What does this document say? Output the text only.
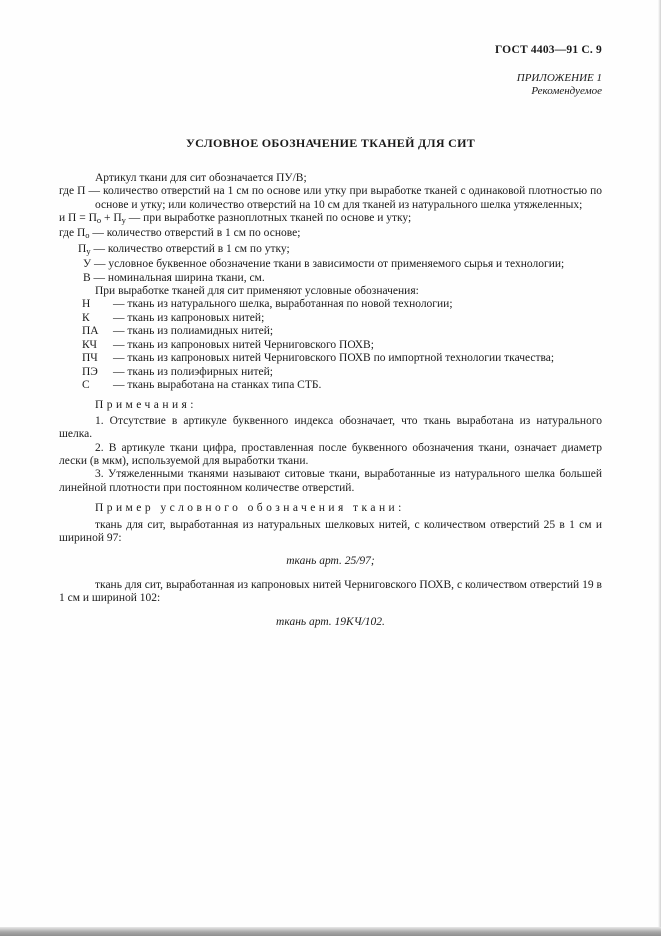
ГОСТ 4403—91 С. 9
ПРИЛОЖЕНИЕ 1
Рекомендуемое
УСЛОВНОЕ ОБОЗНАЧЕНИЕ ТКАНЕЙ ДЛЯ СИТ

Артикул ткани для сит обозначается ПУ/В;

где П — количество отверстий на 1 см по основе или утку при выработке тканей с одинаковой плотностью по основе и утку; или количество отверстий на 10 см для тканей из натурального шелка утяжеленных;

и $П = П_о + П_у$ — при выработке разноплотных тканей по основе и утку;

где $П_о$ — количество отверстий в 1 см по основе;

$П_у$ — количество отверстий в 1 см по утку;

У — условное буквенное обозначение ткани в зависимости от применяемого сырья и технологии;

В — номинальная ширина ткани, см.

При выработке тканей для сит применяют условные обозначения:

Н	— ткань из натурального шелка, выработанная по новой технологии;
К	— ткань из капроновых нитей;
ПА	— ткань из полиамидных нитей;
КЧ	— ткань из капроновых нитей Черниговского ПОХВ;
ПЧ	— ткань из капроновых нитей Черниговского ПОХВ по импортной технологии ткачества;
ПЭ	— ткань из полиэфирных нитей;
С	— ткань выработана на станках типа СТБ.

Примечания:

1. Отсутствие в артикуле буквенного индекса обозначает, что ткань выработана из натурального шелка.

2. В артикуле ткани цифра, проставленная после буквенного обозначения ткани, означает диаметр лески (в мкм), используемой для выработки ткани.

3. Утяжеленными тканями называют ситовые ткани, выработанные из натурального шелка большей линейной плотности при постоянном количестве отверстий.

Пример условного обозначения ткани:

ткань для сит, выработанная из натуральных шелковых нитей, с количеством отверстий 25 в 1 см и шириной 97:

ткань арт. 25/97;

ткань для сит, выработанная из капроновых нитей Черниговского ПОХВ, с количеством отверстий 19 в 1 см и шириной 102:

ткань арт. 19КЧ/102.
